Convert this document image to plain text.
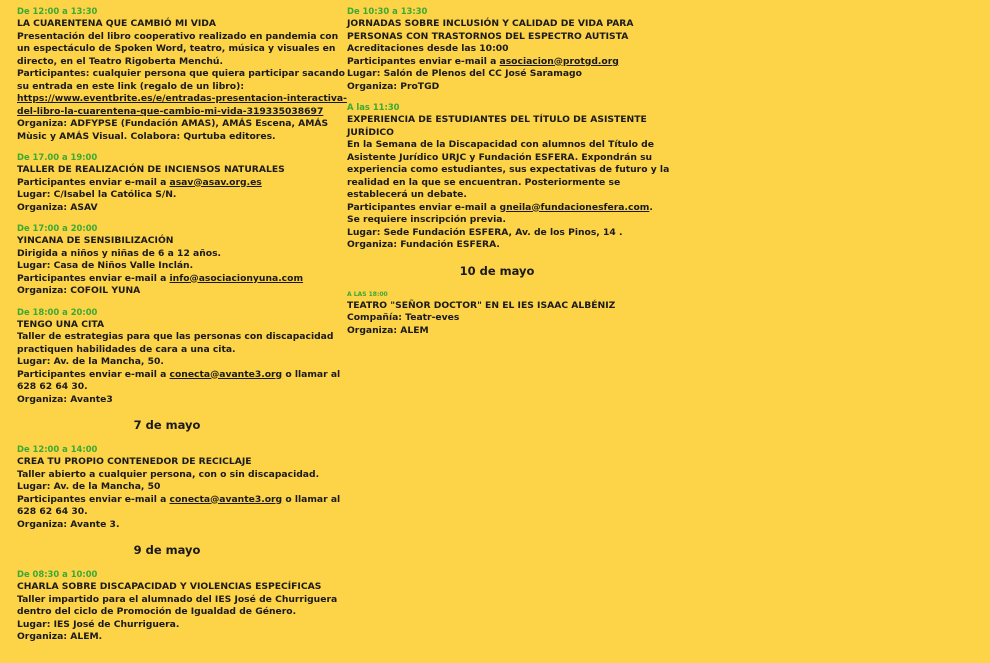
De 12:00 a 13:30
LA CUARENTENA QUE CAMBIÓ MI VIDA
Presentación del libro cooperativo realizado en pandemia con
un espectáculo de Spoken Word, teatro, música y visuales en
directo, en el Teatro Rigoberta Menchú.
Participantes: cualquier persona que quiera participar sacando
su entrada en este link (regalo de un libro):
https://www.eventbrite.es/e/entradas-presentacion-interactiva-
del-libro-la-cuarentena-que-cambio-mi-vida-319335038697
Organiza: ADFYPSE (Fundación AMAS), AMÁS Escena, AMÁS
Mùsic y AMÁS Visual. Colabora: Qurtuba editores.
De 17.00 a 19:00
TALLER DE REALIZACIÓN DE INCIENSOS NATURALES
Participantes enviar e-mail a asav@asav.org.es
Lugar: C/Isabel la Católica S/N.
Organiza: ASAV
De 17:00 a 20:00
YINCANA DE SENSIBILIZACIÓN
Dirigida a niños y niñas de 6 a 12 años.
Lugar: Casa de Niños Valle Inclán.
Participantes enviar e-mail a info@asociacionyuna.com
Organiza: COFOIL YUNA
De 18:00 a 20:00
TENGO UNA CITA
Taller de estrategias para que las personas con discapacidad
practiquen habilidades de cara a una cita.
Lugar: Av. de la Mancha, 50.
Participantes enviar e-mail a conecta@avante3.org o llamar al
628 62 64 30.
Organiza: Avante3
7 de mayo
De 12:00 a 14:00
CREA TU PROPIO CONTENEDOR DE RECICLAJE
Taller abierto a cualquier persona, con o sin discapacidad.
Lugar: Av. de la Mancha, 50
Participantes enviar e-mail a conecta@avante3.org o llamar al
628 62 64 30.
Organiza: Avante 3.
9 de mayo
De 08:30 a 10:00
CHARLA SOBRE DISCAPACIDAD Y VIOLENCIAS ESPECÍFICAS
Taller impartido para el alumnado del IES José de Churriguera
dentro del ciclo de Promoción de Igualdad de Género.
Lugar: IES José de Churriguera.
Organiza: ALEM.
De 10:30 a 13:30
JORNADAS SOBRE INCLUSIÓN Y CALIDAD DE VIDA PARA
PERSONAS CON TRASTORNOS DEL ESPECTRO AUTISTA
Acreditaciones desde las 10:00
Participantes enviar e-mail a asociacion@protgd.org
Lugar: Salón de Plenos del CC José Saramago
Organiza: ProTGD
A las 11:30
EXPERIENCIA DE ESTUDIANTES DEL TÍTULO DE ASISTENTE
JURÍDICO
En la Semana de la Discapacidad con alumnos del Título de
Asistente Jurídico URJC y Fundación ESFERA. Expondrán su
experiencia como estudiantes, sus expectativas de futuro y la
realidad en la que se encuentran. Posteriormente se
establecerá un debate.
Participantes enviar e-mail a gneila@fundacionesfera.com.
Se requiere inscripción previa.
Lugar: Sede Fundación ESFERA, Av. de los Pinos, 14 .
Organiza: Fundación ESFERA.
10 de mayo
A LAS 18:00
TEATRO "SEÑOR DOCTOR" EN EL IES ISAAC ALBÉNIZ
Compañía: Teatr-eves
Organiza: ALEM
